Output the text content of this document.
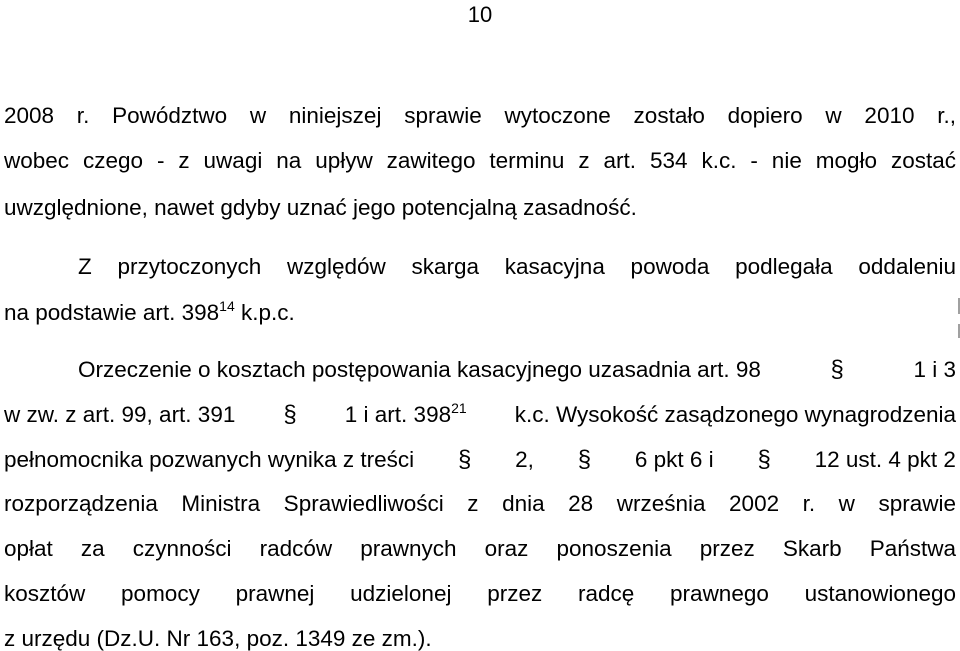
10
2008 r. Powództwo w niniejszej sprawie wytoczone zostało dopiero w 2010 r.,
wobec czego - z uwagi na upływ zawitego terminu z art. 534 k.c. - nie mogło zostać
uwzględnione, nawet gdyby uznać jego potencjalną zasadność.
Z przytoczonych względów skarga kasacyjna powoda podlegała oddaleniu
na podstawie art. $398^{14}$ k.p.c.
Orzeczenie o kosztach postępowania kasacyjnego uzasadnia art. 98	§	1 i 3
w zw. z art. 99, art. 391 § 1 i art. $398^{21}$ k.c. Wysokość zasądzonego wynagrodzenia
pełnomocnika pozwanych wynika z treści § 2, § 6 pkt 6 i § 12 ust. 4 pkt 2
rozporządzenia Ministra Sprawiedliwości z dnia 28 września 2002 r. w sprawie
opłat za czynności radców prawnych oraz ponoszenia przez Skarb Państwa
kosztów pomocy prawnej udzielonej przez radcę prawnego ustanowionego
z urzędu (Dz.U. Nr 163, poz. 1349 ze zm.).
